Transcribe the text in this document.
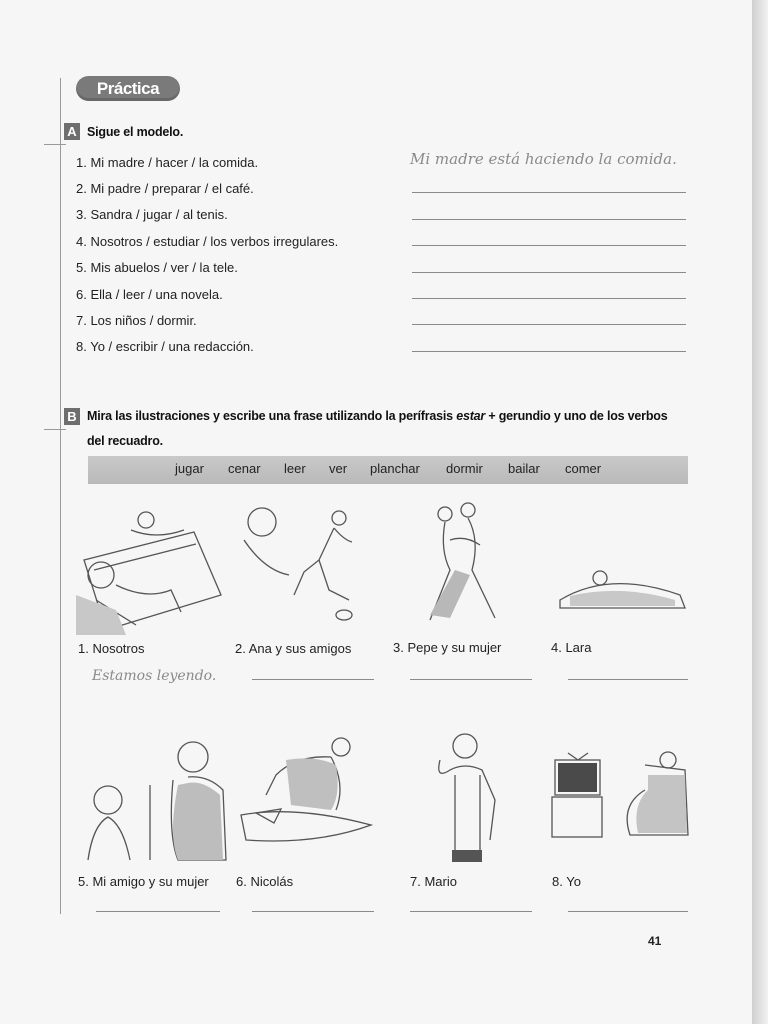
Práctica
A Sigue el modelo.
1. Mi madre / hacer / la comida.
2. Mi padre / preparar / el café.
3. Sandra / jugar / al tenis.
4. Nosotros / estudiar / los verbos irregulares.
5. Mis abuelos / ver / la tele.
6. Ella / leer / una novela.
7. Los niños / dormir.
8. Yo / escribir / una redacción.
Mi madre está haciendo la comida.
B Mira las ilustraciones y escribe una frase utilizando la perífrasis estar + gerundio y uno de los verbos
del recuadro.
jugar cenar leer ver planchar dormir bailar comer
1. Nosotros	2. Ana y sus amigos	3. Pepe y su mujer	4. Lara
Estamos leyendo.
5. Mi amigo y su mujer 6. Nicolás	7. Mario	8. Yo
41
